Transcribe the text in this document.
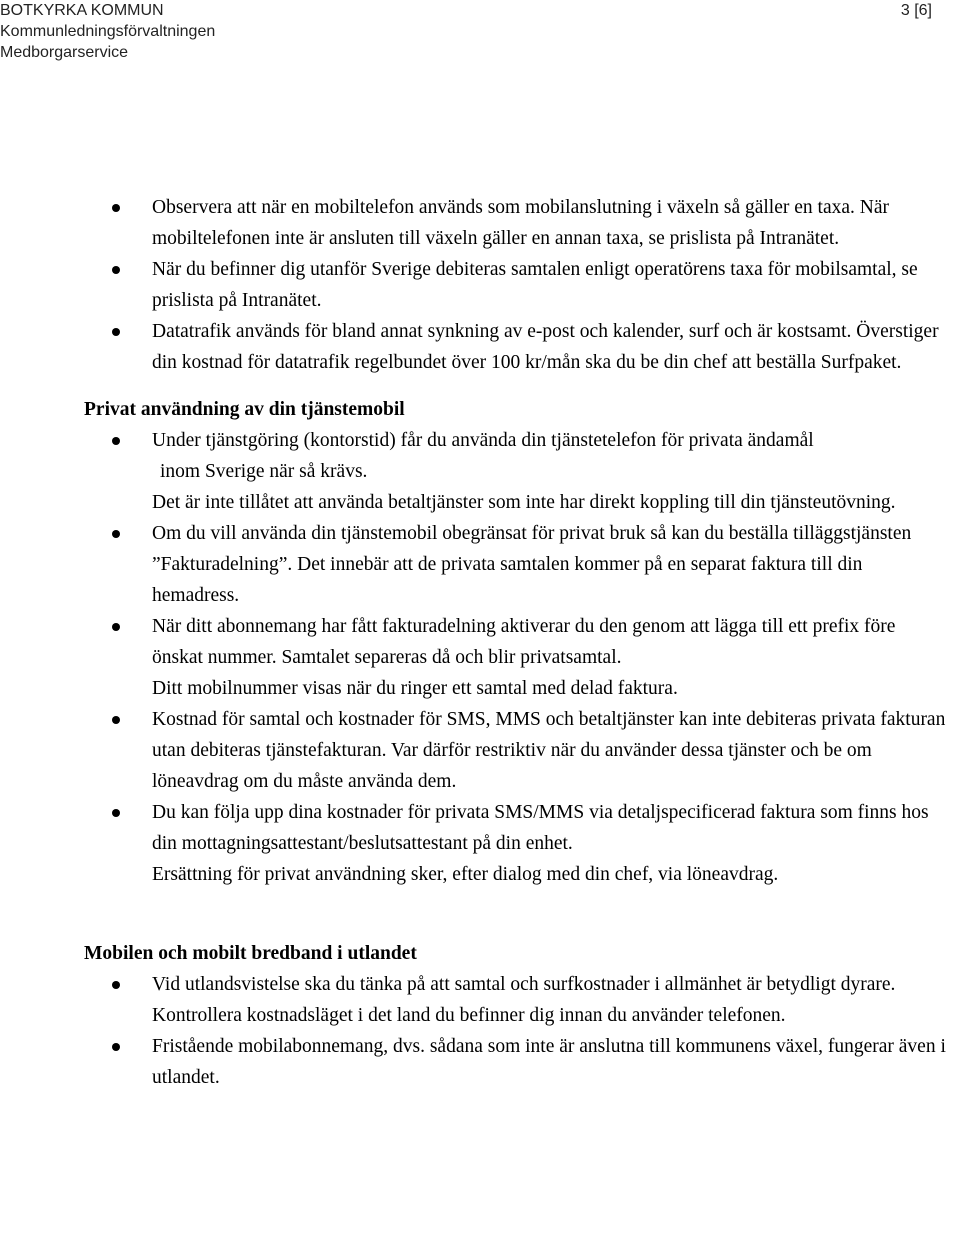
BOTKYRKA KOMMUN
Kommunledningsförvaltningen
Medborgarservice
3 [6]
Observera att när en mobiltelefon används som mobilanslutning i växeln så gäller en taxa. När mobiltelefonen inte är ansluten till växeln gäller en annan taxa, se prislista på Intranätet.
När du befinner dig utanför Sverige debiteras samtalen enligt operatörens taxa för mobilsamtal, se prislista på Intranätet.
Datatrafik används för bland annat synkning av e-post och kalender, surf och är kostsamt. Överstiger din kostnad för datatrafik regelbundet över 100 kr/mån ska du be din chef att beställa Surfpaket.
Privat användning av din tjänstemobil
Under tjänstgöring (kontorstid) får du använda din tjänstetelefon för privata ändamål

inom Sverige när så krävs.

Det är inte tillåtet att använda betaltjänster som inte har direkt koppling till din tjänsteutövning.

Om du vill använda din tjänstemobil obegränsat för privat bruk så kan du beställa tilläggstjänsten ”Fakturadelning”. Det innebär att de privata samtalen kommer på en separat faktura till din hemadress.
När ditt abonnemang har fått fakturadelning aktiverar du den genom att lägga till ett prefix före önskat nummer. Samtalet separeras då och blir privatsamtal.

Ditt mobilnummer visas när du ringer ett samtal med delad faktura.

Kostnad för samtal och kostnader för SMS, MMS och betaltjänster kan inte debiteras privata fakturan utan debiteras tjänstefakturan. Var därför restriktiv när du använder dessa tjänster och be om löneavdrag om du måste använda dem.
Du kan följa upp dina kostnader för privata SMS/MMS via detaljspecificerad faktura som finns hos din mottagningsattestant/beslutsattestant på din enhet.

Ersättning för privat användning sker, efter dialog med din chef, via löneavdrag.

Mobilen och mobilt bredband i utlandet
Vid utlandsvistelse ska du tänka på att samtal och surfkostnader i allmänhet är betydligt dyrare. Kontrollera kostnadsläget i det land du befinner dig innan du använder telefonen.
Fristående mobilabonnemang, dvs. sådana som inte är anslutna till kommunens växel, fungerar även i utlandet.
